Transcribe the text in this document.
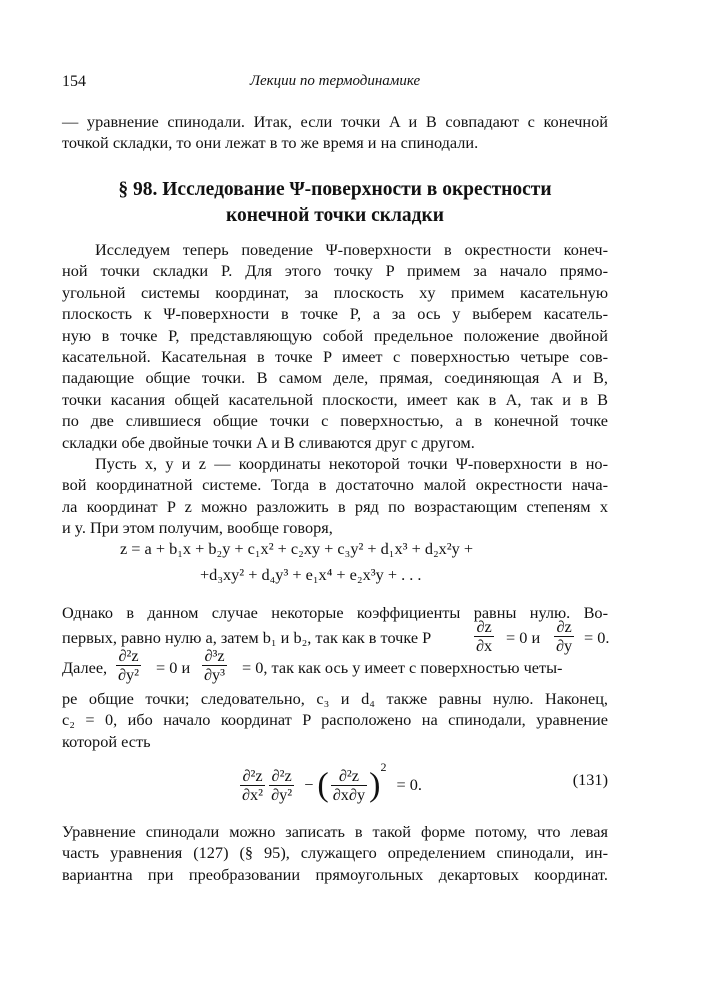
154	Лекции по термодинамике
— уравнение спинодали. Итак, если точки A и B совпадают с конечной
точкой складки, то они лежат в то же время и на спинодали.
§ 98. Исследование Ψ-поверхности в окрестности
конечной точки складки
Исследуем теперь поведение Ψ-поверхности в окрестности конеч-
ной точки складки P. Для этого точку P примем за начало прямо-
угольной системы координат, за плоскость xy примем касательную
плоскость к Ψ-поверхности в точке P, а за ось y выберем касатель-
ную в точке P, представляющую собой предельное положение двойной
касательной. Касательная в точке P имеет с поверхностью четыре сов-
падающие общие точки. В самом деле, прямая, соединяющая A и B,
точки касания общей касательной плоскости, имеет как в A, так и в B
по две слившиеся общие точки с поверхностью, а в конечной точке
складки обе двойные точки A и B сливаются друг с другом.
Пусть x, y и z — координаты некоторой точки Ψ-поверхности в но-
вой координатной системе. Тогда в достаточно малой окрестности нача-
ла координат P z можно разложить в ряд по возрастающим степеням x
и y. При этом получим, вообще говоря,
z = a + b₁x + b₂y + c₁x² + c₂xy + c₃y² + d₁x³ + d₂x²y +
+d₃xy² + d₄y³ + e₁x⁴ + e₂x³y + . . .
Однако в данном случае некоторые коэффициенты равны нулю. Во-
первых, равно нулю a, затем b₁ и b₂, так как в точке P	$\frac{\partial z}{\partial x} = 0$ и $\frac{\partial z}{\partial y} = 0$.
Далее, $\frac{\text{∂²z}}{\text{∂y²}} = 0$ и $\frac{\text{∂³z}}{\text{∂y³}} = 0$, так как ось y имеет с поверхностью четы-
ре общие точки; следовательно, c₃ и d₄ также равны нулю. Наконец,
c₂ = 0, ибо начало координат P расположено на спинодали, уравнение
которой есть
$\frac{\text{∂²z}}{\text{∂x²}} \frac{\text{∂²z}}{\text{∂y²}}$ − ( $\frac{\text{∂²z}}{\partial x\partial y} )^2 = 0$.	(131)
Уравнение спинодали можно записать в такой форме потому, что левая
часть уравнения (127) (§ 95), служащего определением спинодали, ин-
вариантна при преобразовании прямоугольных декартовых координат.
